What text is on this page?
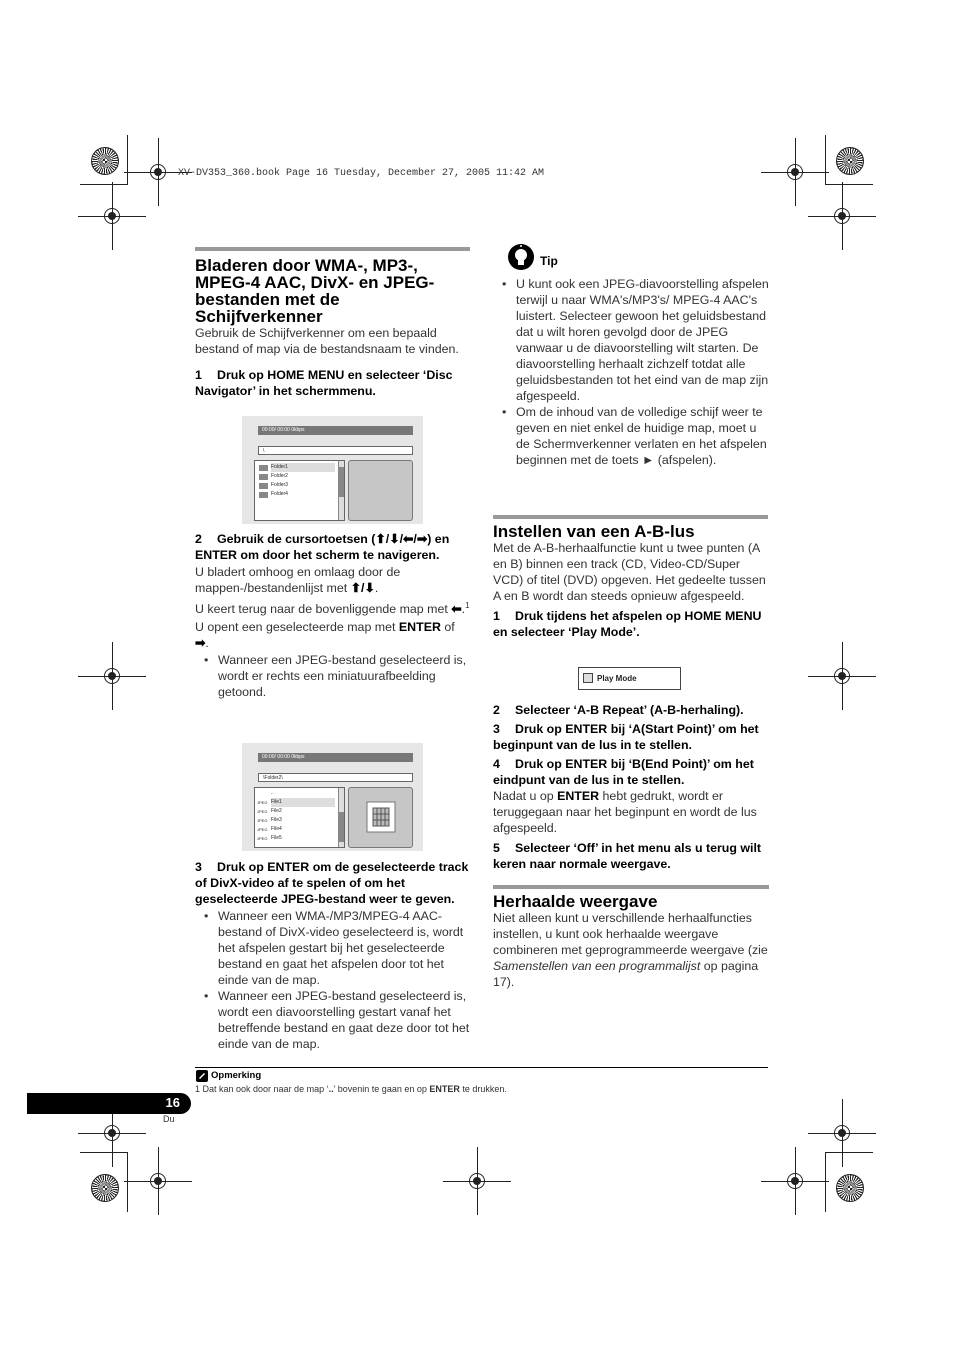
XV-DV353_360.book Page 16 Tuesday, December 27, 2005 11:42 AM
Bladeren door WMA-, MP3-,
MPEG-4 AAC, DivX- en JPEG-
bestanden met de
Schijfverkenner

Gebruik de Schijfverkenner om een bepaald bestand of map via de bestandsnaam te vinden.

1 Druk op HOME MENU en selecteer ‘Disc Navigator’ in het schermmenu.

00:00/ 00:00 0kbps
\
Folder1
Folder2
Folder3
Folder4

2 Gebruik de cursortoetsen (⬆/⬇/⬅/➡) en ENTER om door het scherm te navigeren.

U bladert omhoog en omlaag door de mappen-/bestandenlijst met ⬆/⬇.

U keert terug naar de bovenliggende map met ⬅.$^1$

U opent een geselecteerde map met ENTER of ➡.

• Wanneer een JPEG-bestand geselecteerd is, wordt er rechts een miniatuurafbeelding getoond.

00:00/ 00:00 0kbps
\Folder2\
..
JPEG File1
JPEG File2
JPEG File3
JPEG File4
JPEG File5

3 Druk op ENTER om de geselecteerde track of DivX-video af te spelen of om het geselecteerde JPEG-bestand weer te geven.

• Wanneer een WMA-/MP3/MPEG-4 AAC-bestand of DivX-video geselecteerd is, wordt het afspelen gestart bij het geselecteerde bestand en gaat het afspelen door tot het einde van de map.

• Wanneer een JPEG-bestand geselecteerd is, wordt een diavoorstelling gestart vanaf het betreffende bestand en gaat deze door tot het einde van de map.

Tip

• U kunt ook een JPEG-diavoorstelling afspelen terwijl u naar WMA's/MP3's/ MPEG-4 AAC's luistert. Selecteer gewoon het geluidsbestand dat u wilt horen gevolgd door de JPEG vanwaar u de diavoorstelling wilt starten. De diavoorstelling herhaalt zichzelf totdat alle geluidsbestanden tot het eind van de map zijn afgespeeld.

• Om de inhoud van de volledige schijf weer te geven en niet enkel de huidige map, moet u de Schermverkenner verlaten en het afspelen beginnen met de toets ► (afspelen).

Instellen van een A-B-lus

Met de A-B-herhaalfunctie kunt u twee punten (A en B) binnen een track (CD, Video-CD/Super VCD) of titel (DVD) opgeven. Het gedeelte tussen A en B wordt dan steeds opnieuw afgespeeld.

1 Druk tijdens het afspelen op HOME MENU en selecteer ‘Play Mode’.

Play Mode

2 Selecteer ‘A-B Repeat’ (A-B-herhaling).

3 Druk op ENTER bij ‘A(Start Point)’ om het beginpunt van de lus in te stellen.

4 Druk op ENTER bij ‘B(End Point)’ om het eindpunt van de lus in te stellen.

Nadat u op ENTER hebt gedrukt, wordt er teruggegaan naar het beginpunt en wordt de lus afgespeeld.

5 Selecteer ‘Off’ in het menu als u terug wilt keren naar normale weergave.

Herhaalde weergave

Niet alleen kunt u verschillende herhaalfuncties instellen, u kunt ook herhaalde weergave combineren met geprogrammeerde weergave (zie Samenstellen van een programmalijst op pagina 17).

Opmerking
1 Dat kan ook door naar de map ‘..’ bovenin te gaan en op ENTER te drukken.
16
Du
